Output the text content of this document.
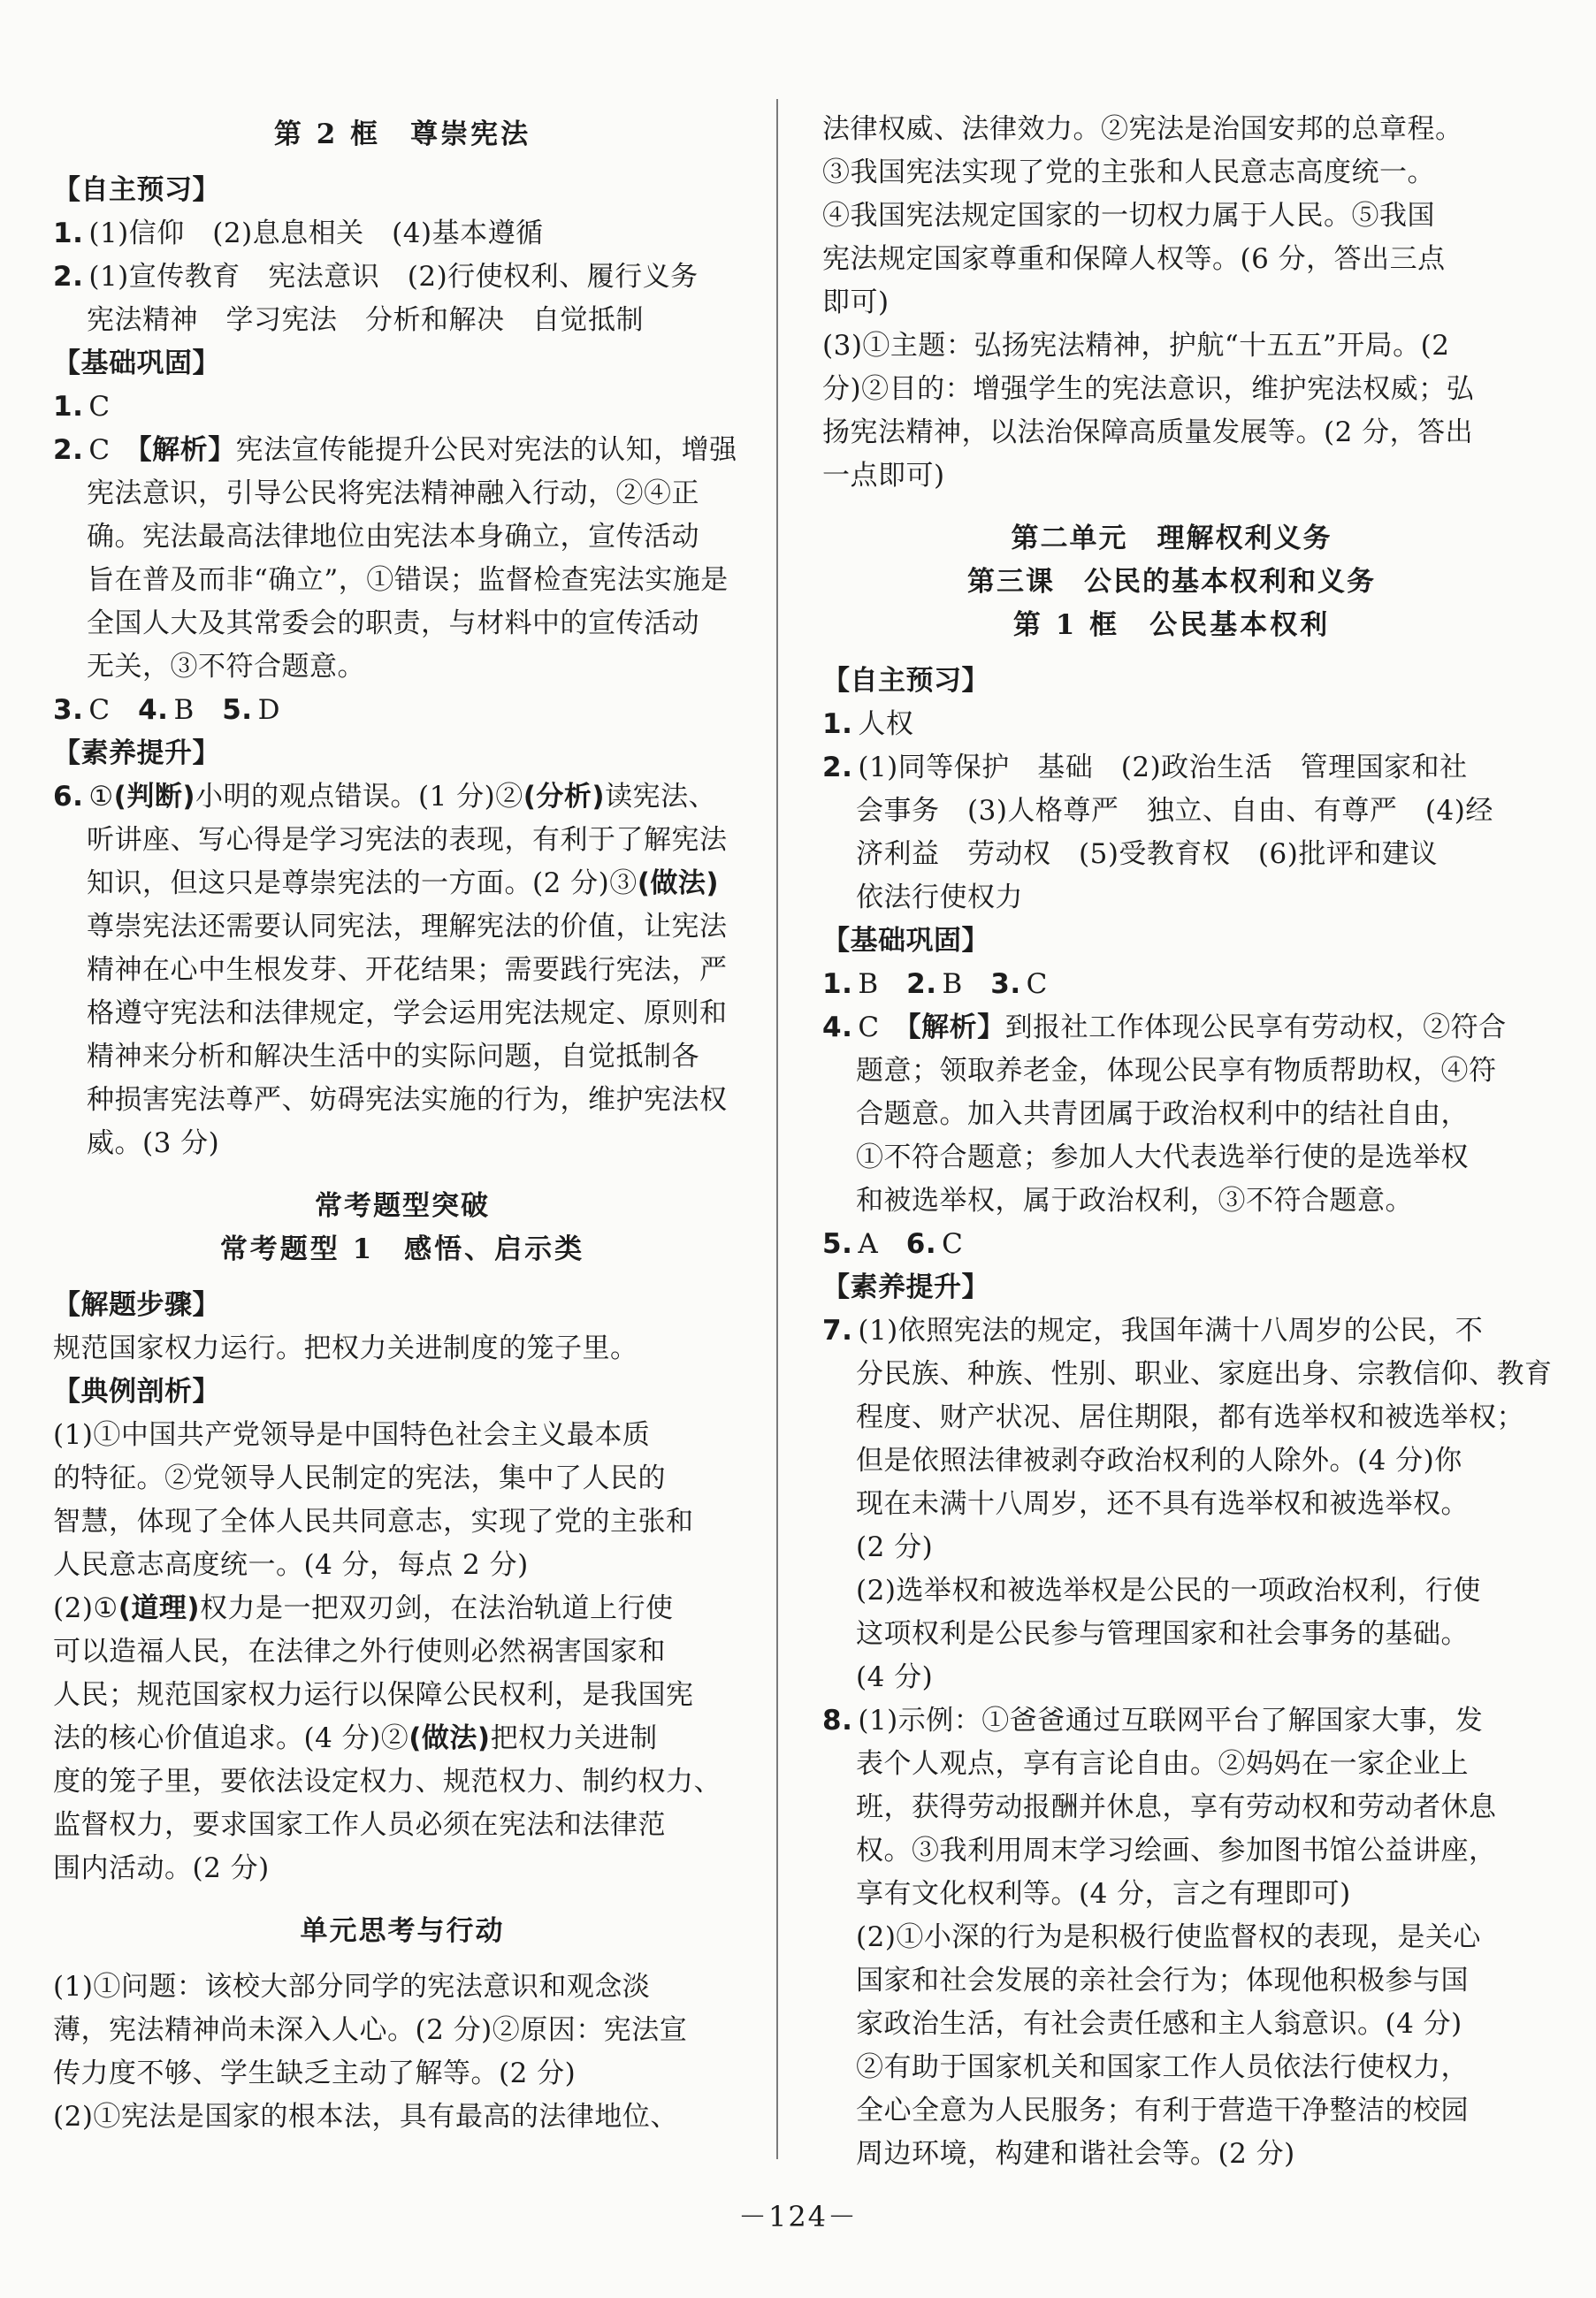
第 2 框　尊崇宪法
【自主预习】
1. (1)信仰　(2)息息相关　(4)基本遵循
2. (1)宣传教育　宪法意识　(2)行使权利、履行义务
宪法精神　学习宪法　分析和解决　自觉抵制
【基础巩固】
1. C
2. C　【解析】宪法宣传能提升公民对宪法的认知，增强
宪法意识，引导公民将宪法精神融入行动，②④正
确。宪法最高法律地位由宪法本身确立，宣传活动
旨在普及而非“确立”，①错误；监督检查宪法实施是
全国人大及其常委会的职责，与材料中的宣传活动
无关，③不符合题意。
3. C　4. B　5. D
【素养提升】
6. ①(判断)小明的观点错误。(1 分)②(分析)读宪法、
听讲座、写心得是学习宪法的表现，有利于了解宪法
知识，但这只是尊崇宪法的一方面。(2 分)③(做法)
尊崇宪法还需要认同宪法，理解宪法的价值，让宪法
精神在心中生根发芽、开花结果；需要践行宪法，严
格遵守宪法和法律规定，学会运用宪法规定、原则和
精神来分析和解决生活中的实际问题，自觉抵制各
种损害宪法尊严、妨碍宪法实施的行为，维护宪法权
威。(3 分)
常考题型突破
常考题型 1　感悟、启示类
【解题步骤】
规范国家权力运行。把权力关进制度的笼子里。
【典例剖析】
(1)①中国共产党领导是中国特色社会主义最本质
的特征。②党领导人民制定的宪法，集中了人民的
智慧，体现了全体人民共同意志，实现了党的主张和
人民意志高度统一。(4 分，每点 2 分)
(2)①(道理)权力是一把双刃剑，在法治轨道上行使
可以造福人民，在法律之外行使则必然祸害国家和
人民；规范国家权力运行以保障公民权利，是我国宪
法的核心价值追求。(4 分)②(做法)把权力关进制
度的笼子里，要依法设定权力、规范权力、制约权力、
监督权力，要求国家工作人员必须在宪法和法律范
围内活动。(2 分)
单元思考与行动
(1)①问题：该校大部分同学的宪法意识和观念淡
薄，宪法精神尚未深入人心。(2 分)②原因：宪法宣
传力度不够、学生缺乏主动了解等。(2 分)
(2)①宪法是国家的根本法，具有最高的法律地位、
法律权威、法律效力。②宪法是治国安邦的总章程。
③我国宪法实现了党的主张和人民意志高度统一。
④我国宪法规定国家的一切权力属于人民。⑤我国
宪法规定国家尊重和保障人权等。(6 分，答出三点
即可)
(3)①主题：弘扬宪法精神，护航“十五五”开局。(2
分)②目的：增强学生的宪法意识，维护宪法权威；弘
扬宪法精神，以法治保障高质量发展等。(2 分，答出
一点即可)
第二单元　理解权利义务
第三课　公民的基本权利和义务
第 1 框　公民基本权利
【自主预习】
1. 人权
2. (1)同等保护　基础　(2)政治生活　管理国家和社
会事务　(3)人格尊严　独立、自由、有尊严　(4)经
济利益　劳动权　(5)受教育权　(6)批评和建议
依法行使权力
【基础巩固】
1. B　2. B　3. C
4. C　【解析】到报社工作体现公民享有劳动权，②符合
题意；领取养老金，体现公民享有物质帮助权，④符
合题意。加入共青团属于政治权利中的结社自由，
①不符合题意；参加人大代表选举行使的是选举权
和被选举权，属于政治权利，③不符合题意。
5. A　6. C
【素养提升】
7. (1)依照宪法的规定，我国年满十八周岁的公民，不
分民族、种族、性别、职业、家庭出身、宗教信仰、教育
程度、财产状况、居住期限，都有选举权和被选举权；
但是依照法律被剥夺政治权利的人除外。(4 分)你
现在未满十八周岁，还不具有选举权和被选举权。
(2 分)
(2)选举权和被选举权是公民的一项政治权利，行使
这项权利是公民参与管理国家和社会事务的基础。
(4 分)
8. (1)示例：①爸爸通过互联网平台了解国家大事，发
表个人观点，享有言论自由。②妈妈在一家企业上
班，获得劳动报酬并休息，享有劳动权和劳动者休息
权。③我利用周末学习绘画、参加图书馆公益讲座，
享有文化权利等。(4 分，言之有理即可)
(2)①小深的行为是积极行使监督权的表现，是关心
国家和社会发展的亲社会行为；体现他积极参与国
家政治生活，有社会责任感和主人翁意识。(4 分)
②有助于国家机关和国家工作人员依法行使权力，
全心全意为人民服务；有利于营造干净整洁的校园
周边环境，构建和谐社会等。(2 分)
－124－
